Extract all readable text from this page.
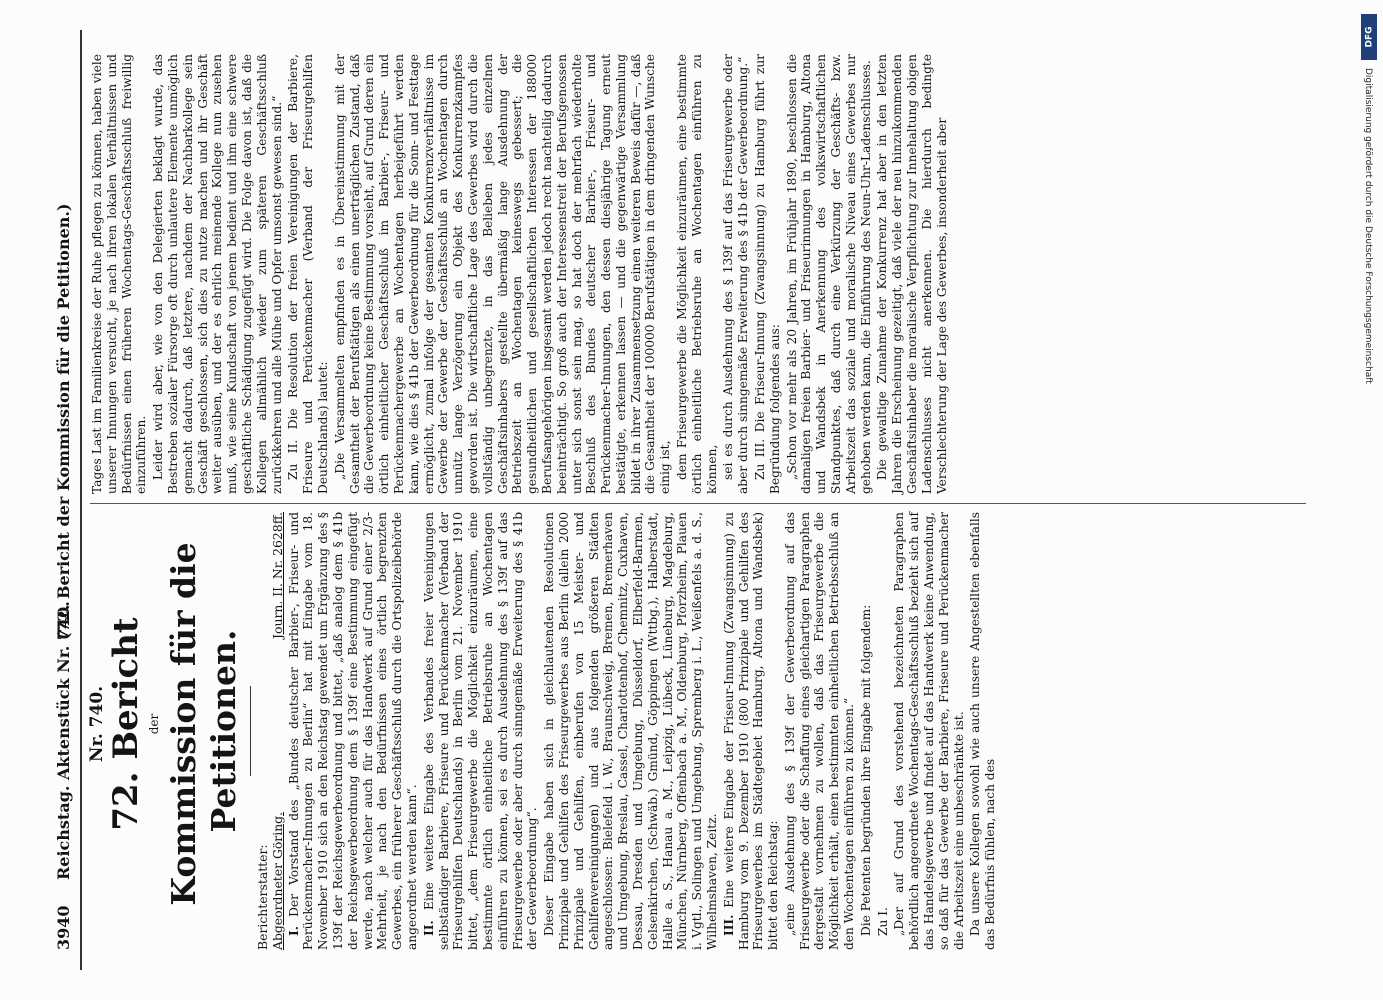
3940
Reichstag. Aktenstück Nr. 740.
(72. Bericht der Kommission für die Petitionen.)

Nr. 740.

72. Bericht der Kommission für die Petitionen.

Berichterstatter:
Abgeordneter Göring.
Journ. II. Nr. 2628ff.

I. Der Vorstand des „Bundes deutscher Barbier-, Friseur- und Perückenmacher-Innungen zu Berlin“ hat mit Eingabe vom 18. November 1910 sich an den Reichstag gewendet um Ergänzung des § 139f der Reichsgewerbeordnung und bittet, „daß analog dem § 41b der Reichsgewerbeordnung dem § 139f eine Bestimmung eingefügt werde, nach welcher auch für das Handwerk auf Grund einer 2/3-Mehrheit, je nach den Bedürfnissen eines örtlich begrenzten Gewerbes, ein früherer Geschäftsschluß durch die Ortspolizeibehörde angeordnet werden kann“. II. Eine weitere Eingabe des Verbandes freier Vereinigungen selbständiger Barbiere, Friseure und Perückenmacher (Verband der Friseurgehilfen Deutschlands) in Berlin vom 21. November 1910 bittet, „dem Friseurgewerbe die Möglichkeit einzuräumen, eine bestimmte örtlich einheitliche Betriebsruhe an Wochentagen einführen zu können, sei es durch Ausdehnung des § 139f auf das Friseurgewerbe oder aber durch sinngemäße Erweiterung des § 41b der Gewerbeordnung“. Dieser Eingabe haben sich in gleichlautenden Resolutionen Prinzipale und Gehilfen des Friseurgewerbes aus Berlin (allein 2000 Prinzipale und Gehilfen, einberufen von 15 Meister- und Gehilfenvereinigungen) und aus folgenden größeren Städten angeschlossen: Bielefeld i. W., Braunschweig, Bremen, Bremerhaven und Umgebung, Breslau, Cassel, Charlottenhof, Chemnitz, Cuxhaven, Dessau, Dresden und Umgebung, Düsseldorf, Elberfeld-Barmen, Gelsenkirchen, (Schwäb.) Gmünd, Göppingen (Wttbg.), Halberstadt, Halle a. S., Hanau a. M., Leipzig, Lübeck, Lüneburg, Magdeburg, München, Nürnberg, Offenbach a. M., Oldenburg, Pforzheim, Plauen i. Vgtl., Solingen und Umgebung, Spremberg i. L., Weißenfels a. d. S., Wilhelmshaven, Zeitz. III. Eine weitere Eingabe der Friseur-Innung (Zwangsinnung) zu Hamburg vom 9. Dezember 1910 (800 Prinzipale und Gehilfen des Friseurgewerbes im Städtegebiet Hamburg, Altona und Wandsbek) bittet den Reichstag: „eine Ausdehnung des § 139f der Gewerbeordnung auf das Friseurgewerbe oder die Schaffung eines gleichartigen Paragraphen dergestalt vornehmen zu wollen, daß das Friseurgewerbe die Möglichkeit erhält, einen bestimmten einheitlichen Betriebsschluß an den Wochentagen einführen zu können.“ Die Petenten begründen ihre Eingabe mit folgendem: Zu I. „Der auf Grund des vorstehend bezeichneten Paragraphen behördlich angeordnete Wochentags-Geschäftsschluß bezieht sich auf das Handelsgewerbe und findet auf das Handwerk keine Anwendung, so daß für das Gewerbe der Barbiere, Friseure und Perückenmacher die Arbeitszeit eine unbeschränkte ist. Da unsere Kollegen sowohl wie auch unsere Angestellten ebenfalls das Bedürfnis fühlen, nach des

Tages Last im Familienkreise der Ruhe pflegen zu können, haben viele unserer Innungen versucht, je nach ihren lokalen Verhältnissen und Bedürfnissen einen früheren Wochentags-Geschäftsschluß freiwillig einzuführen. Leider wird aber, wie von den Delegierten beklagt wurde, das Bestreben sozialer Fürsorge oft durch unlautere Elemente unmöglich gemacht dadurch, daß letztere, nachdem der Nachbarkollege sein Geschäft geschlossen, sich dies zu nutze machen und ihr Geschäft weiter ausüben, und der es ehrlich meinende Kollege nun zusehen muß, wie seine Kundschaft von jenem bedient und ihm eine schwere geschäftliche Schädigung zugefügt wird. Die Folge davon ist, daß die Kollegen allmählich wieder zum späteren Geschäftsschluß zurückkehren und alle Mühe und Opfer umsonst gewesen sind.“ Zu II. Die Resolution der freien Vereinigungen der Barbiere, Friseure und Perückenmacher (Verband der Friseurgehilfen Deutschlands) lautet: „Die Versammelten empfinden es in Übereinstimmung mit der Gesamtheit der Berufstätigen als einen unerträglichen Zustand, daß die Gewerbeordnung keine Bestimmung vorsieht, auf Grund deren ein örtlich einheitlicher Geschäftsschluß im Barbier-, Friseur- und Perückenmachergewerbe an Wochentagen herbeigeführt werden kann, wie dies § 41b der Gewerbeordnung für die Sonn- und Festtage ermöglicht, zumal infolge der gesamten Konkurrenzverhältnisse im Gewerbe der Gewerbe der Geschäftsschluß an Wochentagen durch unnütz lange Verzögerung ein Objekt des Konkurrenzkampfes geworden ist. Die wirtschaftliche Lage des Gewerbes wird durch die vollständig unbegrenzte, in das Belieben jedes einzelnen Geschäftsinhabers gestellte übermäßig lange Ausdehnung der Betriebszeit an Wochentagen keineswegs gebessert; die gesundheitlichen und gesellschaftlichen Interessen der 188000 Berufsangehörigen insgesamt werden jedoch recht nachteilig dadurch beeinträchtigt. So groß auch der Interessenstreit der Berufsgenossen unter sich sonst sein mag, so hat doch der mehrfach wiederholte Beschluß des Bundes deutscher Barbier-, Friseur- und Perückenmacher-Innungen, den dessen diesjährige Tagung erneut bestätigte, erkennen lassen — und die gegenwärtige Versammlung bildet in ihrer Zusammensetzung einen weiteren Beweis dafür —, daß die Gesamtheit der 100000 Berufstätigen in dem dringenden Wunsche einig ist, dem Friseurgewerbe die Möglichkeit einzuräumen, eine bestimmte örtlich einheitliche Betriebsruhe an Wochentagen einführen zu können, sei es durch Ausdehnung des § 139f auf das Friseurgewerbe oder aber durch sinngemäße Erweiterung des § 41b der Gewerbeordnung.“ Zu III. Die Friseur-Innung (Zwangsinnung) zu Hamburg führt zur Begründung folgendes aus: „Schon vor mehr als 20 Jahren, im Frühjahr 1890, beschlossen die damaligen freien Barbier- und Friseurinnungen in Hamburg, Altona und Wandsbek in Anerkennung des volkswirtschaftlichen Standpunktes, daß durch eine Verkürzung der Geschäfts- bzw. Arbeitszeit das soziale und moralische Niveau eines Gewerbes nur gehoben werden kann, die Einführung des Neun-Uhr-Ladenschlusses. Die gewaltige Zunahme der Konkurrenz hat aber in den letzten Jahren die Erscheinung gezeitigt, daß viele der neu hinzukommenden Geschäftsinhaber die moralische Verpflichtung zur Innehaltung obigen Ladenschlusses nicht anerkennen. Die hierdurch bedingte Verschlechterung der Lage des Gewerbes, insonderheit aber

DFG
Digitalisierung gefördert durch die Deutsche Forschungsgemeinschaft
